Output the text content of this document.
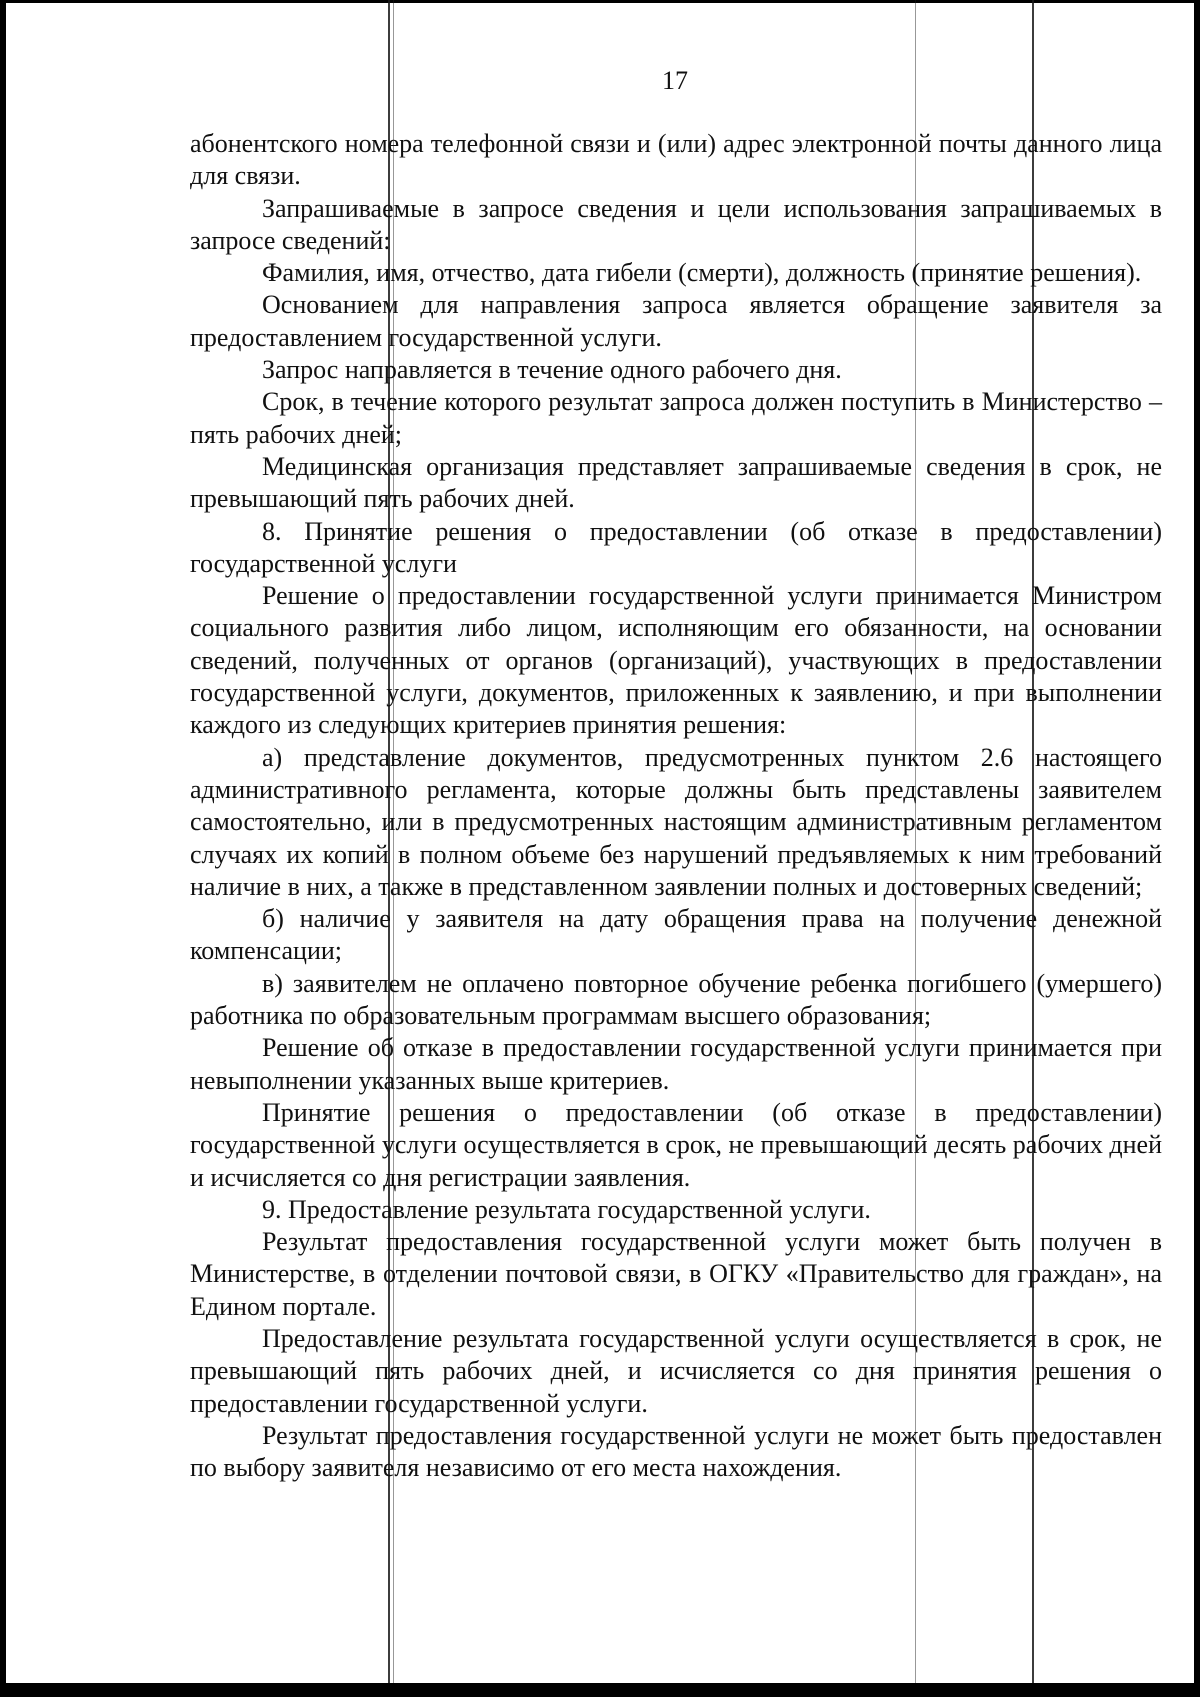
17

абонентского номера телефонной связи и (или) адрес электронной почты данного лица для связи.

Запрашиваемые в запросе сведения и цели использования запрашиваемых в запросе сведений:

Фамилия, имя, отчество, дата гибели (смерти), должность (принятие решения).

Основанием для направления запроса является обращение заявителя за предоставлением государственной услуги.

Запрос направляется в течение одного рабочего дня.

Срок, в течение которого результат запроса должен поступить в Министерство – пять рабочих дней;

Медицинская организация представляет запрашиваемые сведения в срок, не превышающий пять рабочих дней.

8. Принятие решения о предоставлении (об отказе в предоставлении) государственной услуги

Решение о предоставлении государственной услуги принимается Министром социального развития либо лицом, исполняющим его обязанности, на основании сведений, полученных от органов (организаций), участвующих в предоставлении государственной услуги, документов, приложенных к заявлению, и при выполнении каждого из следующих критериев принятия решения:

а) представление документов, предусмотренных пунктом 2.6 настоящего административного регламента, которые должны быть представлены заявителем самостоятельно, или в предусмотренных настоящим административным регламентом случаях их копий в полном объеме без нарушений предъявляемых к ним требований наличие в них, а также в представленном заявлении полных и достоверных сведений;

б) наличие у заявителя на дату обращения права на получение денежной компенсации;

в) заявителем не оплачено повторное обучение ребенка погибшего (умершего) работника по образовательным программам высшего образования;

Решение об отказе в предоставлении государственной услуги принимается при невыполнении указанных выше критериев.

Принятие решения о предоставлении (об отказе в предоставлении) государственной услуги осуществляется в срок, не превышающий десять рабочих дней и исчисляется со дня регистрации заявления.

9. Предоставление результата государственной услуги.

Результат предоставления государственной услуги может быть получен в Министерстве, в отделении почтовой связи, в ОГКУ «Правительство для граждан», на Едином портале.

Предоставление результата государственной услуги осуществляется в срок, не превышающий пять рабочих дней, и исчисляется со дня принятия решения о предоставлении государственной услуги.

Результат предоставления государственной услуги не может быть предоставлен по выбору заявителя независимо от его места нахождения.
